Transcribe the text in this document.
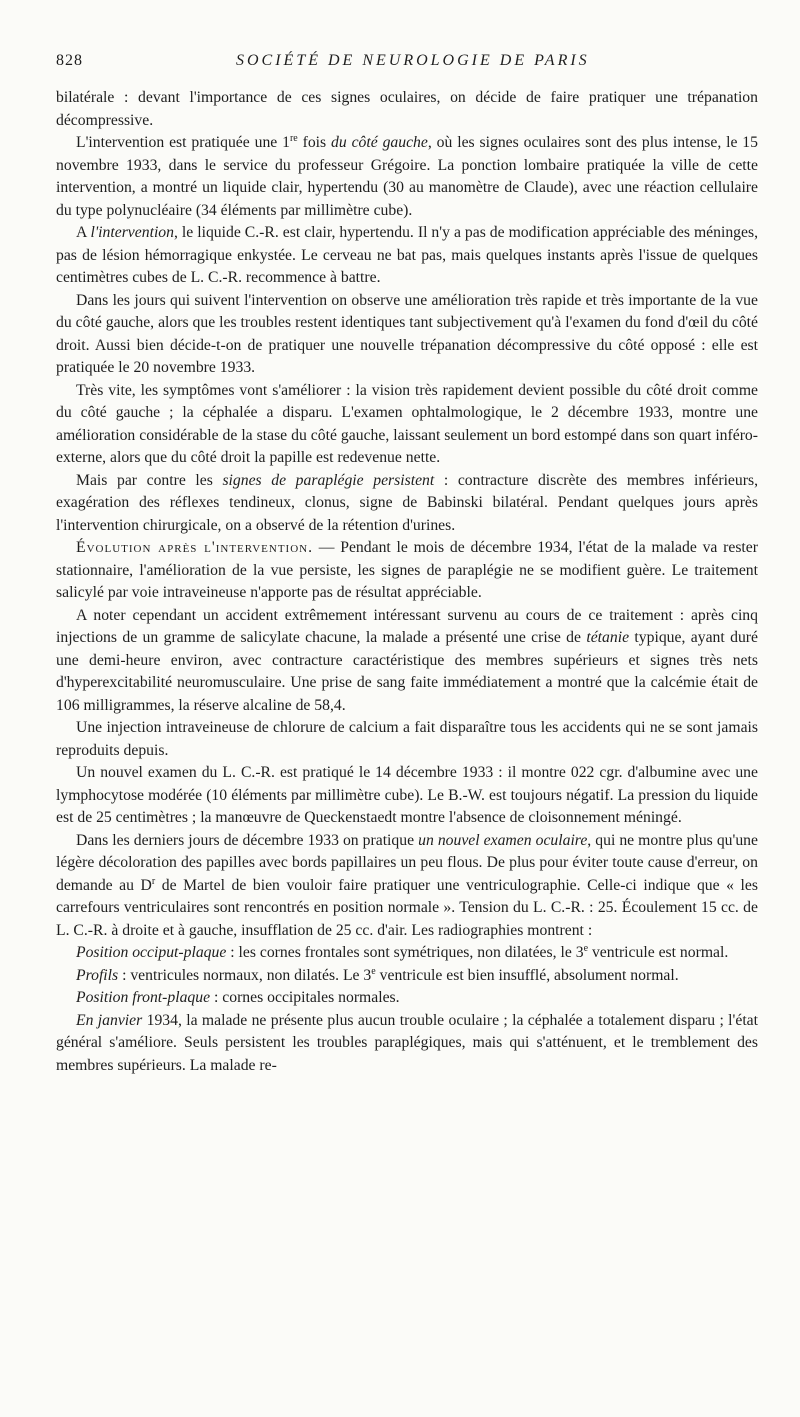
828	SOCIÉTÉ DE NEUROLOGIE DE PARIS

bilatérale : devant l'importance de ces signes oculaires, on décide de faire pratiquer une trépanation décompressive.

L'intervention est pratiquée une 1re fois du côté gauche, où les signes oculaires sont des plus intense, le 15 novembre 1933, dans le service du professeur Grégoire. La ponction lombaire pratiquée la ville de cette intervention, a montré un liquide clair, hypertendu (30 au manomètre de Claude), avec une réaction cellulaire du type polynucléaire (34 éléments par millimètre cube).

A l'intervention, le liquide C.-R. est clair, hypertendu. Il n'y a pas de modification appréciable des méninges, pas de lésion hémorragique enkystée. Le cerveau ne bat pas, mais quelques instants après l'issue de quelques centimètres cubes de L. C.-R. recommence à battre.

Dans les jours qui suivent l'intervention on observe une amélioration très rapide et très importante de la vue du côté gauche, alors que les troubles restent identiques tant subjectivement qu'à l'examen du fond d'œil du côté droit. Aussi bien décide-t-on de pratiquer une nouvelle trépanation décompressive du côté opposé : elle est pratiquée le 20 novembre 1933.

Très vite, les symptômes vont s'améliorer : la vision très rapidement devient possible du côté droit comme du côté gauche ; la céphalée a disparu. L'examen ophtalmologique, le 2 décembre 1933, montre une amélioration considérable de la stase du côté gauche, laissant seulement un bord estompé dans son quart inféro-externe, alors que du côté droit la papille est redevenue nette.

Mais par contre les signes de paraplégie persistent : contracture discrète des membres inférieurs, exagération des réflexes tendineux, clonus, signe de Babinski bilatéral. Pendant quelques jours après l'intervention chirurgicale, on a observé de la rétention d'urines.

Évolution après l'intervention. — Pendant le mois de décembre 1934, l'état de la malade va rester stationnaire, l'amélioration de la vue persiste, les signes de paraplégie ne se modifient guère. Le traitement salicylé par voie intraveineuse n'apporte pas de résultat appréciable.

A noter cependant un accident extrêmement intéressant survenu au cours de ce traitement : après cinq injections de un gramme de salicylate chacune, la malade a présenté une crise de tétanie typique, ayant duré une demi-heure environ, avec contracture caractéristique des membres supérieurs et signes très nets d'hyperexcitabilité neuromusculaire. Une prise de sang faite immédiatement a montré que la calcémie était de 106 milligrammes, la réserve alcaline de 58,4.

Une injection intraveineuse de chlorure de calcium a fait disparaître tous les accidents qui ne se sont jamais reproduits depuis.

Un nouvel examen du L. C.-R. est pratiqué le 14 décembre 1933 : il montre 022 cgr. d'albumine avec une lymphocytose modérée (10 éléments par millimètre cube). Le B.-W. est toujours négatif. La pression du liquide est de 25 centimètres ; la manœuvre de Queckenstaedt montre l'absence de cloisonnement méningé.

Dans les derniers jours de décembre 1933 on pratique un nouvel examen oculaire, qui ne montre plus qu'une légère décoloration des papilles avec bords papillaires un peu flous. De plus pour éviter toute cause d'erreur, on demande au $D^r$ de Martel de bien vouloir faire pratiquer une ventriculographie. Celle-ci indique que « les carrefours ventriculaires sont rencontrés en position normale ». Tension du L. C.-R. : 25. Écoulement 15 cc. de L. C.-R. à droite et à gauche, insufflation de 25 cc. d'air. Les radiographies montrent :

Position occiput-plaque : les cornes frontales sont symétriques, non dilatées, le 3e ventricule est normal.

Profils : ventricules normaux, non dilatés. Le 3e ventricule est bien insufflé, absolument normal.

Position front-plaque : cornes occipitales normales.

En janvier 1934, la malade ne présente plus aucun trouble oculaire ; la céphalée a totalement disparu ; l'état général s'améliore. Seuls persistent les troubles paraplégiques, mais qui s'atténuent, et le tremblement des membres supérieurs. La malade re-
